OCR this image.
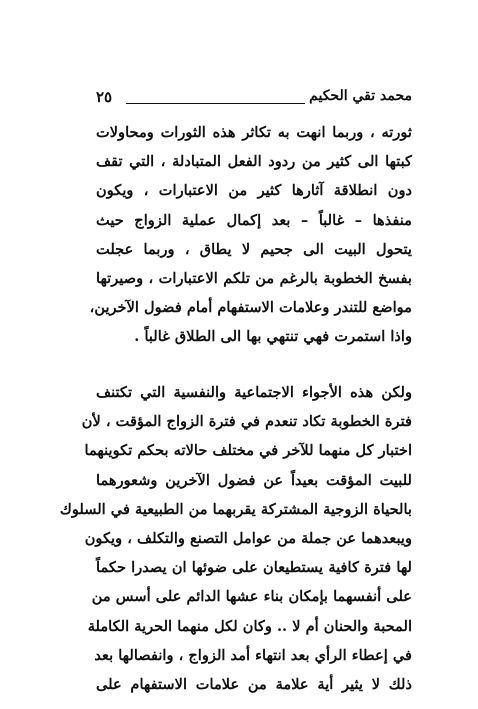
محمد تقي الحكيم
٢٥
ثورته ، وربما انهت به تكاثر هذه الثورات ومحاولات
كبتها الى كثير من ردود الفعل المتبادلة ، التي تقف
دون انطلاقة آثارها كثير من الاعتبارات ، ويكون
منفذها – غالباً – بعد إكمال عملية الزواج حيث
يتحول البيت الى جحيم لا يطاق ، وربما عجلت
بفسخ الخطوبة بالرغم من تلكم الاعتبارات ، وصيرتها
مواضع للتندر وعلامات الاستفهام أمام فضول الآخرين،
واذا استمرت فهي تنتهي بها الى الطلاق غالباً .
ولكن هذه الأجواء الاجتماعية والنفسية التي تكتنف
فترة الخطوبة تكاد تنعدم في فترة الزواج المؤقت ، لأن
اختبار كل منهما للآخر في مختلف حالاته بحكم تكوينهما
للبيت المؤقت بعيداً عن فضول الآخرين وشعورهما
بالحياة الزوجية المشتركة يقربهما من الطبيعية في السلوك
ويبعدهما عن جملة من عوامل التصنع والتكلف ، ويكون
لها فترة كافية يستطيعان على ضوئها ان يصدرا حكماً
على أنفسهما بإمكان بناء عشها الدائم على أسس من
المحبة والحنان أم لا .. وكان لكل منهما الحرية الكاملة
في إعطاء الرأي بعد انتهاء أمد الزواج ، وانفصالها بعد
ذلك لا يثير أية علامة من علامات الاستفهام على
